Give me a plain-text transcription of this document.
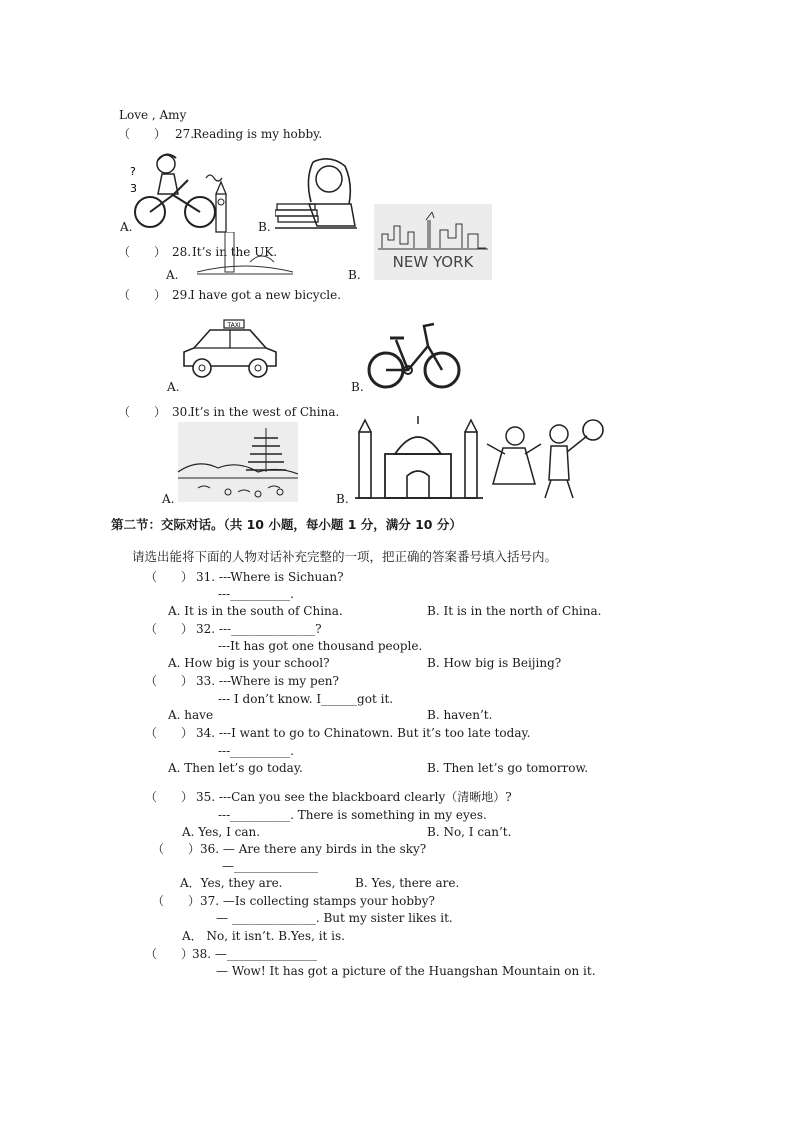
Love , Amy
（　　） 27.
Reading is my hobby.
?
3
A.	B.
（　　） 28. It’s in the UK.
A.
NEW YORK
B.
（　　） 29.
I have got a new bicycle.
TAXI
A.	B.
（　　） 30.
It’s in the west of China.
A.	B.
第二节：交际对话。（共 10 小题，每小题 1 分，满分 10 分）
请选出能将下面的人物对话补充完整的一项，把正确的答案番号填入括号内。
（　　） 31. ---Where is Sichuan?
---__________.
A. It is in the south of China.	B. It is in the north of China.
（　　） 32. ---______________?
---It has got one thousand people.
A. How big is your school?	B. How big is Beijing?
（　　） 33. ---Where is my pen?
--- I don’t know. I______got it.
A. have	B. haven’t.
（　　） 34. ---I want to go to Chinatown. But it’s too late today.
---__________.
A. Then let’s go today.	B. Then let’s go tomorrow.
（　　） 35. ---Can you see the blackboard clearly（清晰地）?
---__________. There is something in my eyes.
A. Yes, I can.	B. No, I can’t.
（　　） 36. — Are there any birds in the sky?
—______________
A．Yes, they are.	B. Yes, there are.
（　　） 37. —Is collecting stamps your hobby?
— ______________. But my sister likes it.
A． No, it isn’t. B.Yes, it is.
（　　）
38. —_______________
— Wow! It has got a picture of the Huangshan Mountain on it.
